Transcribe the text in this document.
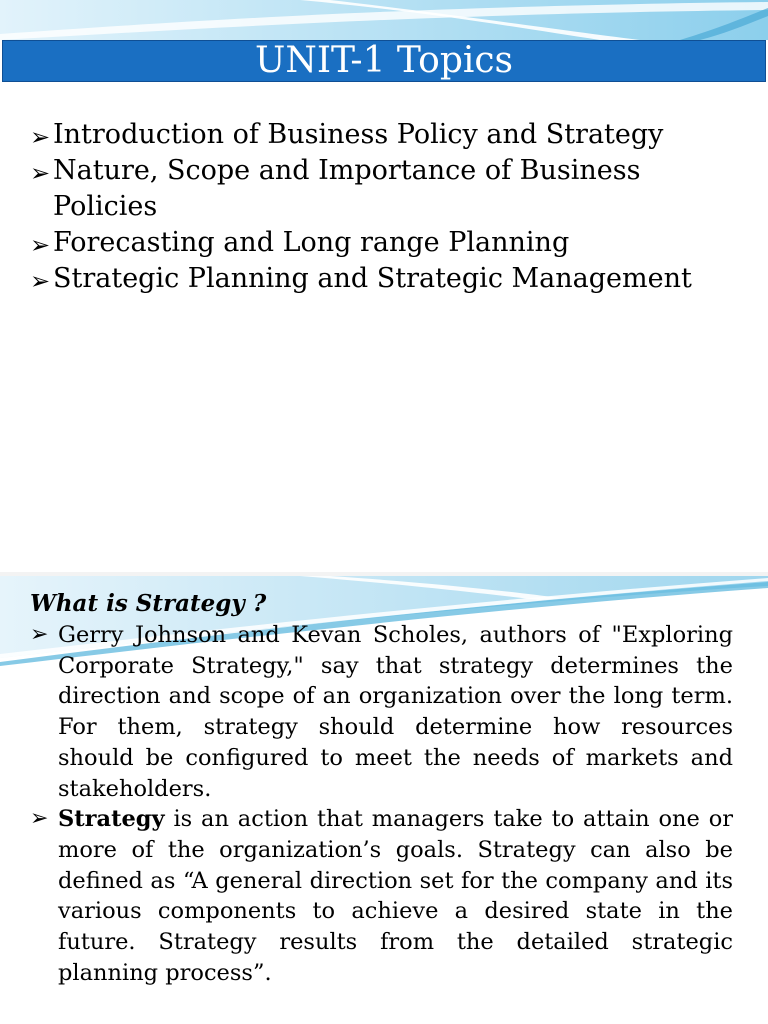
UNIT-1 Topics
➢ Introduction of Business Policy and Strategy
➢ Nature, Scope and Importance of Business Policies
➢ Forecasting and Long range Planning
➢ Strategic Planning and Strategic Management
What is Strategy ?
➢ Gerry Johnson and Kevan Scholes, authors of "Exploring Corporate Strategy," say that strategy determines the direction and scope of an organization over the long term. For them, strategy should determine how resources should be configured to meet the needs of markets and stakeholders.
➢ Strategy is an action that managers take to attain one or more of the organization’s goals. Strategy can also be defined as “A general direction set for the company and its various components to achieve a desired state in the future. Strategy results from the detailed strategic planning process”.
